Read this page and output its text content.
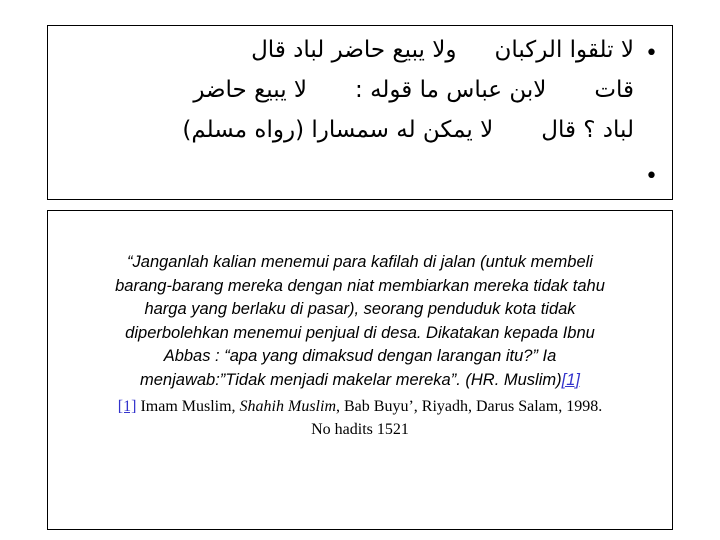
•
•
لا تلقوا الركبانولا يبيع حاضر لباد قال
قاتلابن عباس ما قوله :لا يبيع حاضر
لباد ؟ قاللا يمكن له سمسارا (رواه مسلم)
“Janganlah kalian menemui para kafilah di jalan (untuk membeli
barang-barang mereka dengan niat membiarkan mereka tidak tahu
harga yang berlaku di pasar), seorang penduduk kota tidak
diperbolehkan menemui penjual di desa. Dikatakan kepada Ibnu
Abbas : “apa yang dimaksud dengan larangan itu?” Ia
menjawab:”Tidak menjadi makelar mereka”. (HR. Muslim)[1]
[1] Imam Muslim, Shahih Muslim, Bab Buyu’, Riyadh, Darus Salam, 1998.
No hadits 1521
